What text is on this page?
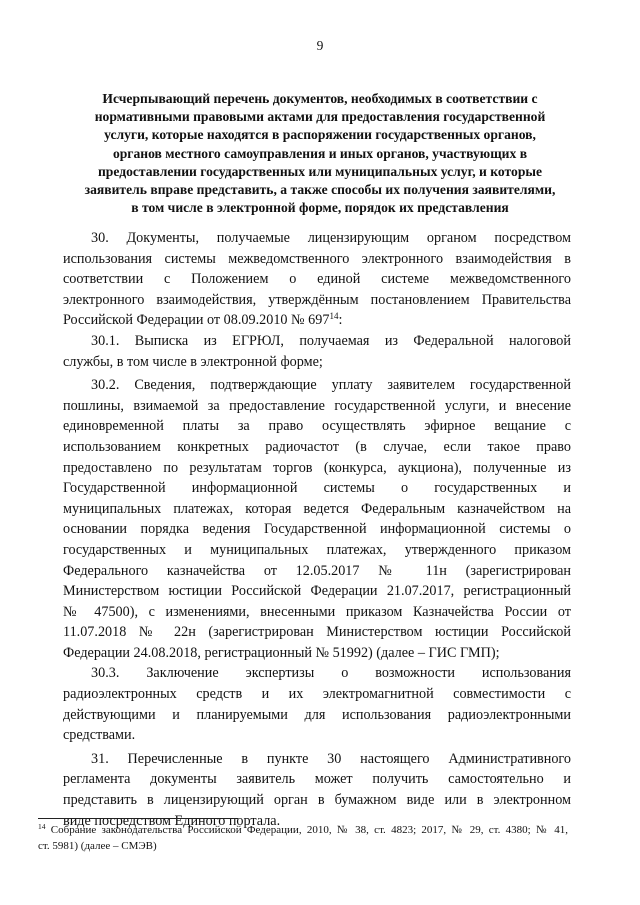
9
Исчерпывающий перечень документов, необходимых в соответствии с
нормативными правовыми актами для предоставления государственной
услуги, которые находятся в распоряжении государственных органов,
органов местного самоуправления и иных органов, участвующих в
предоставлении государственных или муниципальных услуг, и которые
заявитель вправе представить, а также способы их получения заявителями,
в том числе в электронной форме, порядок их представления
30. Документы, получаемые лицензирующим органом посредством
использования системы межведомственного электронного взаимодействия в
соответствии с Положением о единой системе межведомственного
электронного взаимодействия, утверждённым постановлением Правительства
Российской Федерации от 08.09.2010 № $697^{14}$:
30.1. Выписка из ЕГРЮЛ, получаемая из Федеральной налоговой
службы, в том числе в электронной форме;
30.2. Сведения, подтверждающие уплату заявителем государственной
пошлины, взимаемой за предоставление государственной услуги, и внесение
единовременной платы за право осуществлять эфирное вещание с
использованием конкретных радиочастот (в случае, если такое право
предоставлено по результатам торгов (конкурса, аукциона), полученные из
Государственной информационной системы о государственных и
муниципальных платежах, которая ведется Федеральным казначейством на
основании порядка ведения Государственной информационной системы о
государственных и муниципальных платежах, утвержденного приказом
Федерального казначейства от 12.05.2017 № 11н (зарегистрирован
Министерством юстиции Российской Федерации 21.07.2017, регистрационный
№ 47500), с изменениями, внесенными приказом Казначейства России от
11.07.2018 № 22н (зарегистрирован Министерством юстиции Российской
Федерации 24.08.2018, регистрационный № 51992) (далее – ГИС ГМП);
30.3. Заключение экспертизы о возможности использования
радиоэлектронных средств и их электромагнитной совместимости с
действующими и планируемыми для использования радиоэлектронными
средствами.
31. Перечисленные в пункте 30 настоящего Административного
регламента документы заявитель может получить самостоятельно и
представить в лицензирующий орган в бумажном виде или в электронном
виде посредством Единого портала.
$^{14}$ Собрание законодательства Российской Федерации, 2010, № 38, ст. 4823; 2017, № 29, ст. 4380; № 41,
ст. 5981) (далее – СМЭВ)
